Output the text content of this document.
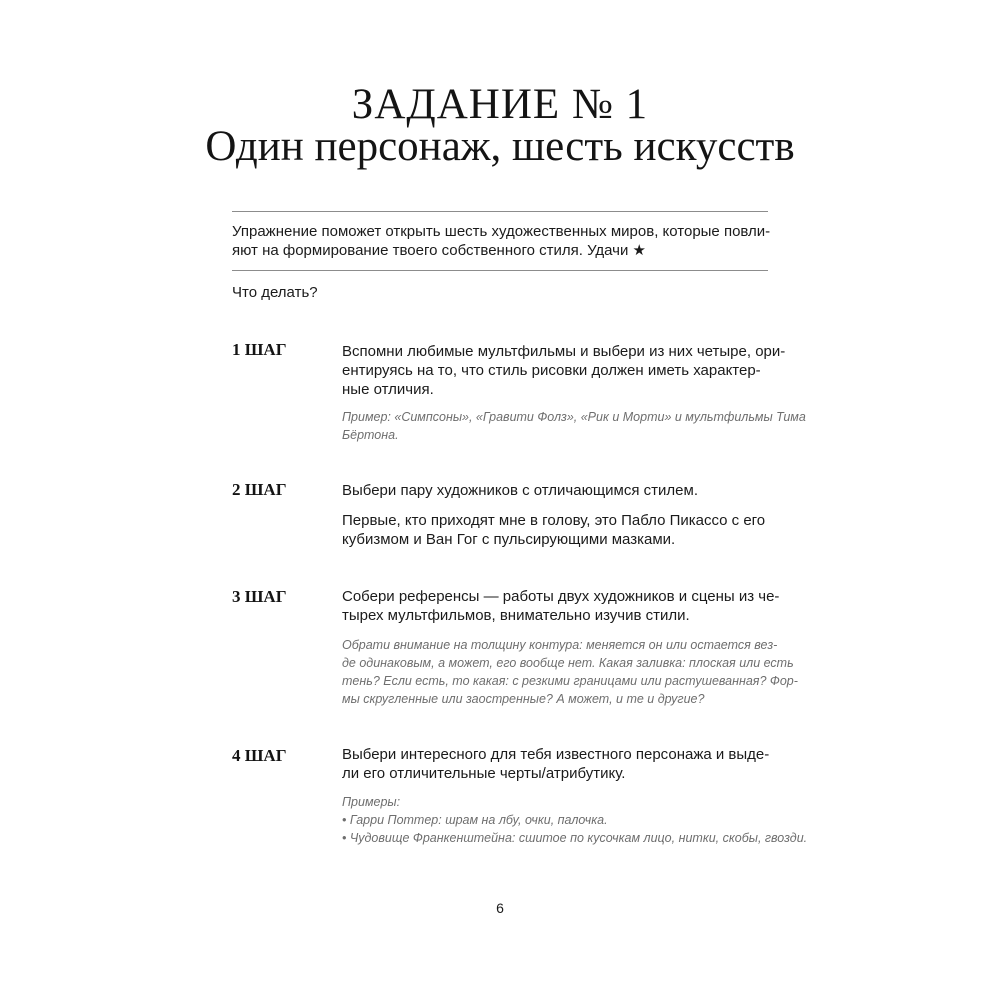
ЗАДАНИЕ № 1
Один персонаж, шесть искусств
Упражнение поможет открыть шесть художественных миров, которые повли-
яют на формирование твоего собственного стиля. Удачи ★
Что делать?
1 ШАГ	Вспомни любимые мультфильмы и выбери из них четыре, ори-
ентируясь на то, что стиль рисовки должен иметь характер-
ные отличия.
Пример: «Симпсоны», «Гравити Фолз», «Рик и Морти» и мультфильмы Тима
Бёртона.
2 ШАГ	Выбери пару художников с отличающимся стилем.
Первые, кто приходят мне в голову, это Пабло Пикассо с его
кубизмом и Ван Гог с пульсирующими мазками.
3 ШАГ	Собери референсы — работы двух художников и сцены из че-
тырех мультфильмов, внимательно изучив стили.
Обрати внимание на толщину контура: меняется он или остается вез-
де одинаковым, а может, его вообще нет. Какая заливка: плоская или есть
тень? Если есть, то какая: с резкими границами или растушеванная? Фор-
мы скругленные или заостренные? А может, и те и другие?
4 ШАГ	Выбери интересного для тебя известного персонажа и выде-
ли его отличительные черты/атрибутику.
Примеры:
• Гарри Поттер: шрам на лбу, очки, палочка.
• Чудовище Франкенштейна: сшитое по кусочкам лицо, нитки, скобы, гвозди.
6
